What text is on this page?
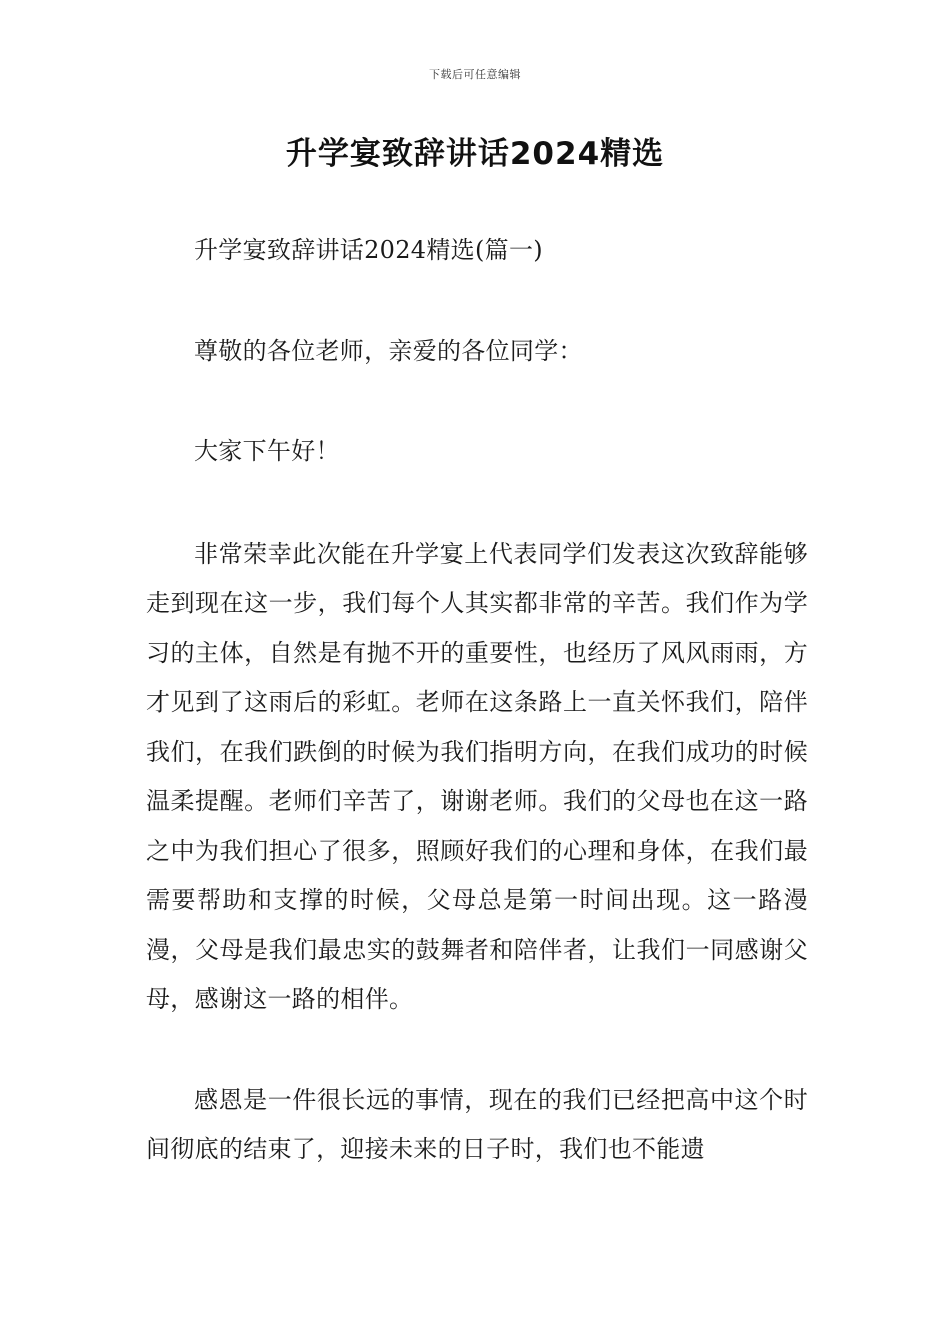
下载后可任意编辑
升学宴致辞讲话2024精选

升学宴致辞讲话2024精选(篇一)

尊敬的各位老师，亲爱的各位同学：

大家下午好！

非常荣幸此次能在升学宴上代表同学们发表这次致辞能够走到现在这一步，我们每个人其实都非常的辛苦。我们作为学习的主体，自然是有抛不开的重要性，也经历了风风雨雨，方才见到了这雨后的彩虹。老师在这条路上一直关怀我们，陪伴我们，在我们跌倒的时候为我们指明方向，在我们成功的时候温柔提醒。老师们辛苦了，谢谢老师。我们的父母也在这一路之中为我们担心了很多，照顾好我们的心理和身体，在我们最需要帮助和支撑的时候，父母总是第一时间出现。这一路漫漫，父母是我们最忠实的鼓舞者和陪伴者，让我们一同感谢父母，感谢这一路的相伴。

感恩是一件很长远的事情，现在的我们已经把高中这个时间彻底的结束了，迎接未来的日子时，我们也不能遗
